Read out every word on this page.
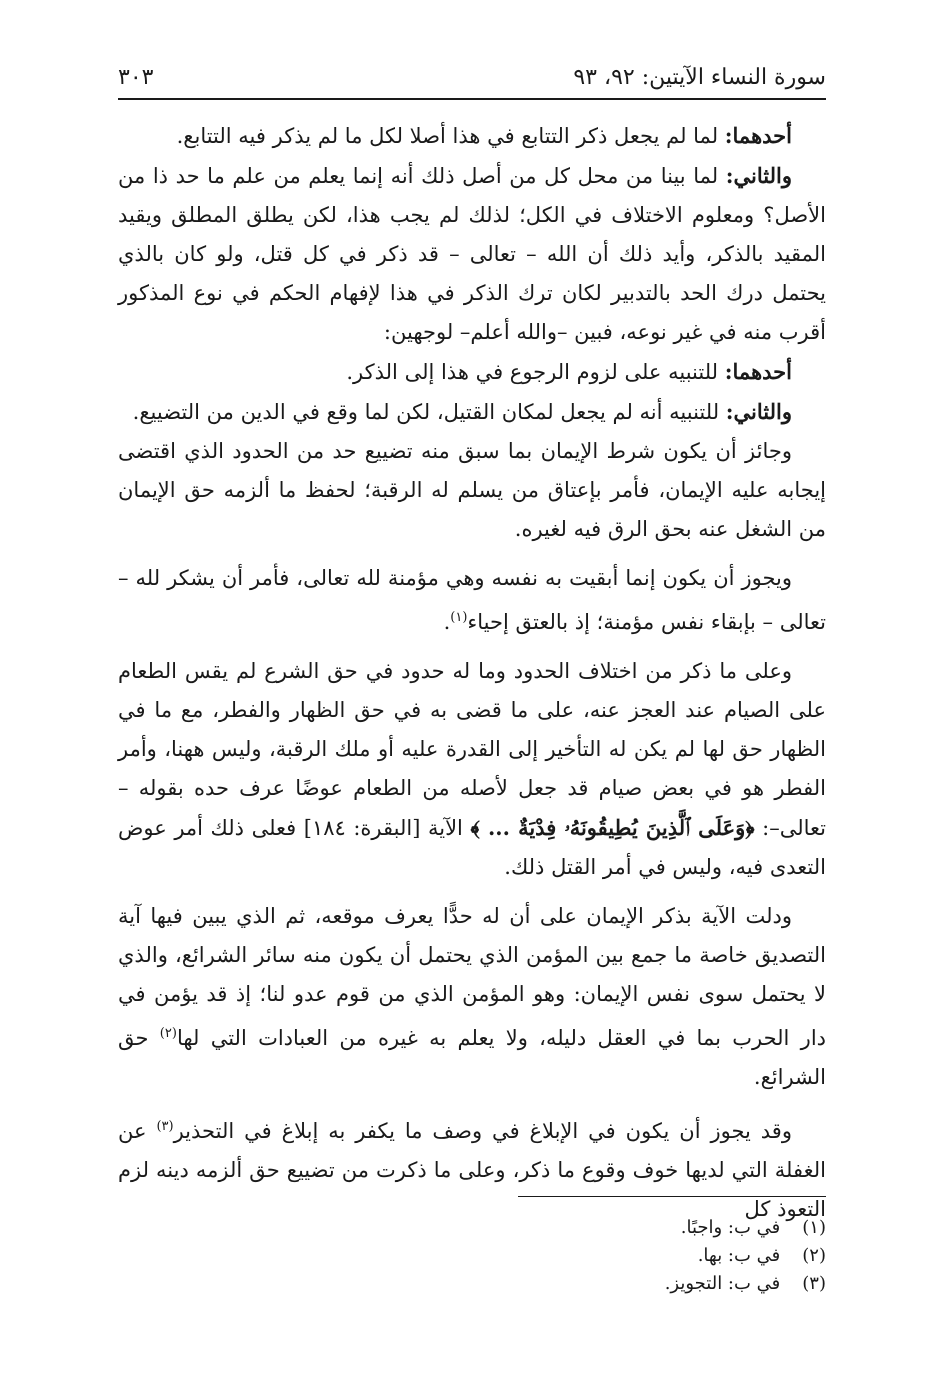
سورة النساء الآيتين: ٩٢، ٩٣
٣٠٣

أحدهما: لما لم يجعل ذكر التتابع في هذا أصلا لكل ما لم يذكر فيه التتابع.

والثاني: لما بينا من محل كل من أصل ذلك أنه إنما يعلم من علم ما حد ذا من الأصل؟ ومعلوم الاختلاف في الكل؛ لذلك لم يجب هذا، لكن يطلق المطلق ويقيد المقيد بالذكر، وأيد ذلك أن الله – تعالى – قد ذكر في كل قتل، ولو كان بالذي يحتمل درك الحد بالتدبير لكان ترك الذكر في هذا لإفهام الحكم في نوع المذكور أقرب منه في غير نوعه، فبين –والله أعلم– لوجهين:

أحدهما: للتنبيه على لزوم الرجوع في هذا إلى الذكر.

والثاني: للتنبيه أنه لم يجعل لمكان القتيل، لكن لما وقع في الدين من التضييع.

وجائز أن يكون شرط الإيمان بما سبق منه تضييع حد من الحدود الذي اقتضى إيجابه عليه الإيمان، فأمر بإعتاق من يسلم له الرقبة؛ لحفظ ما ألزمه حق الإيمان من الشغل عنه بحق الرق فيه لغيره.

ويجوز أن يكون إنما أبقيت به نفسه وهي مؤمنة لله تعالى، فأمر أن يشكر لله – تعالى – بإبقاء نفس مؤمنة؛ إذ بالعتق إحياء$^{(١)}$.

وعلى ما ذكر من اختلاف الحدود وما له حدود في حق الشرع لم يقس الطعام على الصيام عند العجز عنه، على ما قضى به في حق الظهار والفطر، مع ما في الظهار حق لها لم يكن له التأخير إلى القدرة عليه أو ملك الرقبة، وليس ههنا، وأمر الفطر هو في بعض صيام قد جعل لأصله من الطعام عوضًا عرف حده بقوله –تعالى–: ﴿وَعَلَى ٱلَّذِينَ يُطِيقُونَهُۥ فِدْيَةٌ ... ﴾ الآية [البقرة: ١٨٤] فعلى ذلك أمر عوض التعدى فيه، وليس في أمر القتل ذلك.

ودلت الآية بذكر الإيمان على أن له حدًّا يعرف موقعه، ثم الذي يبين فيها آية التصديق خاصة ما جمع بين المؤمن الذي يحتمل أن يكون منه سائر الشرائع، والذي لا يحتمل سوى نفس الإيمان: وهو المؤمن الذي من قوم عدو لنا؛ إذ قد يؤمن في دار الحرب بما في العقل دليله، ولا يعلم به غيره من العبادات التي لها$^{(٢)}$ حق الشرائع.

وقد يجوز أن يكون في الإبلاغ في وصف ما يكفر به إبلاغ في التحذير$^{(٣)}$ عن الغفلة التي لديها خوف وقوع ما ذكر، وعلى ما ذكرت من تضييع حق ألزمه دينه لزم التعوذ كل

(١)
في ب: واجبًا.
(٢)
في ب: بها.
(٣)
في ب: التجويز.
